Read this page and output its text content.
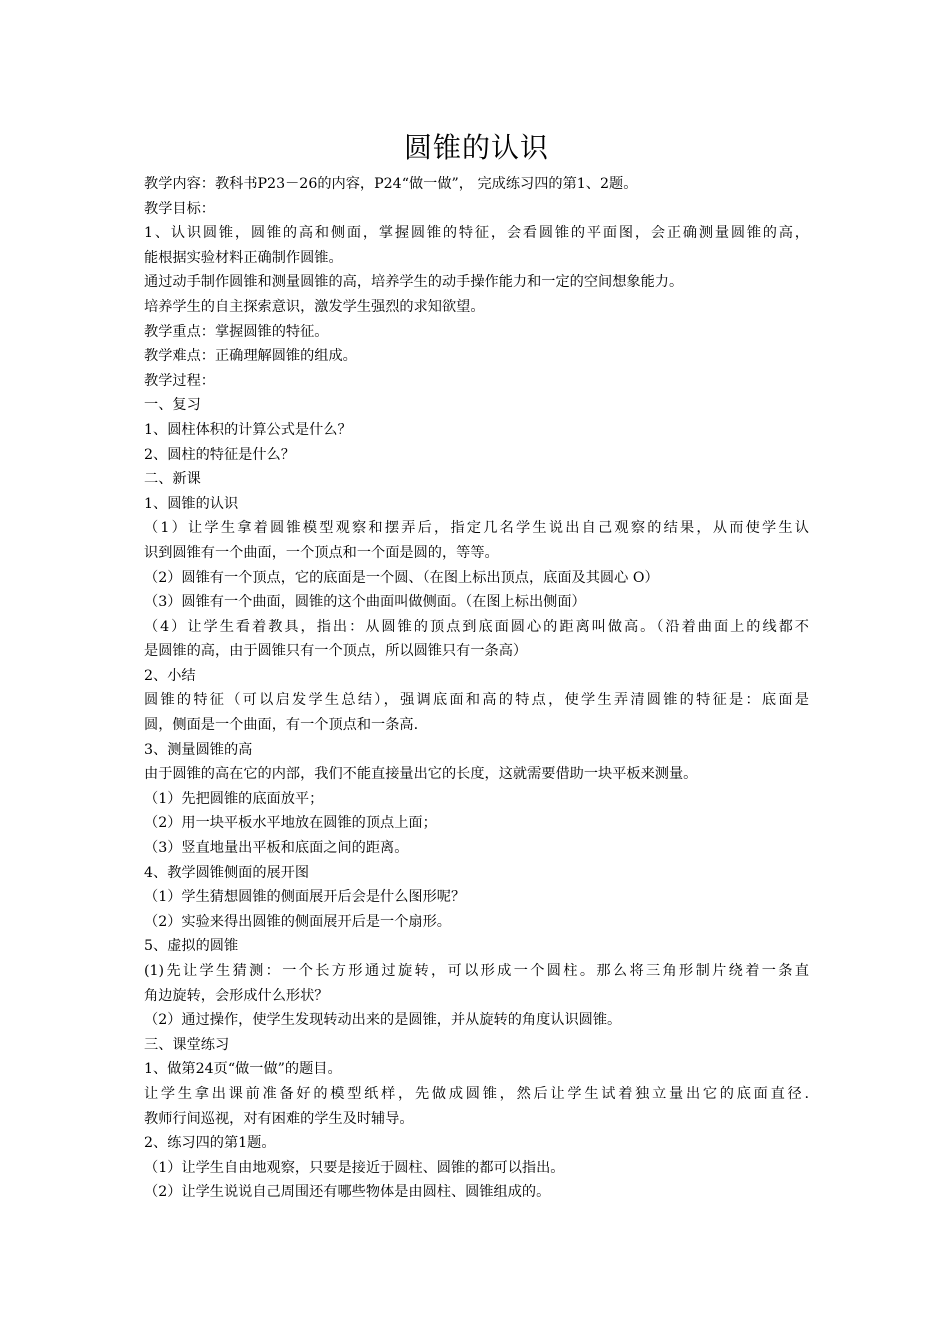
圆锥的认识

教学内容：教科书P23－26的内容，P24“做一做”， 完成练习四的第1、2题。

教学目标：

1、认识圆锥，圆锥的高和侧面，掌握圆锥的特征，会看圆锥的平面图，会正确测量圆锥的高，

能根据实验材料正确制作圆锥。

通过动手制作圆锥和测量圆锥的高，培养学生的动手操作能力和一定的空间想象能力。

培养学生的自主探索意识，激发学生强烈的求知欲望。

教学重点：掌握圆锥的特征。

教学难点：正确理解圆锥的组成。

教学过程：

一、复习

1、圆柱体积的计算公式是什么？

2、圆柱的特征是什么？

二、新课

1、圆锥的认识

（1）让学生拿着圆锥模型观察和摆弄后，指定几名学生说出自己观察的结果，从而使学生认

识到圆锥有一个曲面，一个顶点和一个面是圆的，等等。

（2）圆锥有一个顶点，它的底面是一个圆、（在图上标出顶点，底面及其圆心 O）

（3）圆锥有一个曲面，圆锥的这个曲面叫做侧面。（在图上标出侧面）

（4）让学生看着教具，指出：从圆锥的顶点到底面圆心的距离叫做高。（沿着曲面上的线都不

是圆锥的高，由于圆锥只有一个顶点，所以圆锥只有一条高）

2、小结

圆锥的特征（可以启发学生总结），强调底面和高的特点，使学生弄清圆锥的特征是：底面是

圆，侧面是一个曲面，有一个顶点和一条高.

3、测量圆锥的高

由于圆锥的高在它的内部，我们不能直接量出它的长度，这就需要借助一块平板来测量。

（1）先把圆锥的底面放平；

（2）用一块平板水平地放在圆锥的顶点上面；

（3）竖直地量出平板和底面之间的距离。

4、教学圆锥侧面的展开图

（1）学生猜想圆锥的侧面展开后会是什么图形呢？

（2）实验来得出圆锥的侧面展开后是一个扇形。

5、虚拟的圆锥

(1)先让学生猜测：一个长方形通过旋转，可以形成一个圆柱。那么将三角形制片绕着一条直

角边旋转，会形成什么形状？

（2）通过操作，使学生发现转动出来的是圆锥，并从旋转的角度认识圆锥。

三、课堂练习

1、做第24页“做一做”的题目。

让学生拿出课前准备好的模型纸样，先做成圆锥，然后让学生试着独立量出它的底面直径.

教师行间巡视，对有困难的学生及时辅导。

2、练习四的第1题。

（1）让学生自由地观察，只要是接近于圆柱、圆锥的都可以指出。

（2）让学生说说自己周围还有哪些物体是由圆柱、圆锥组成的。
